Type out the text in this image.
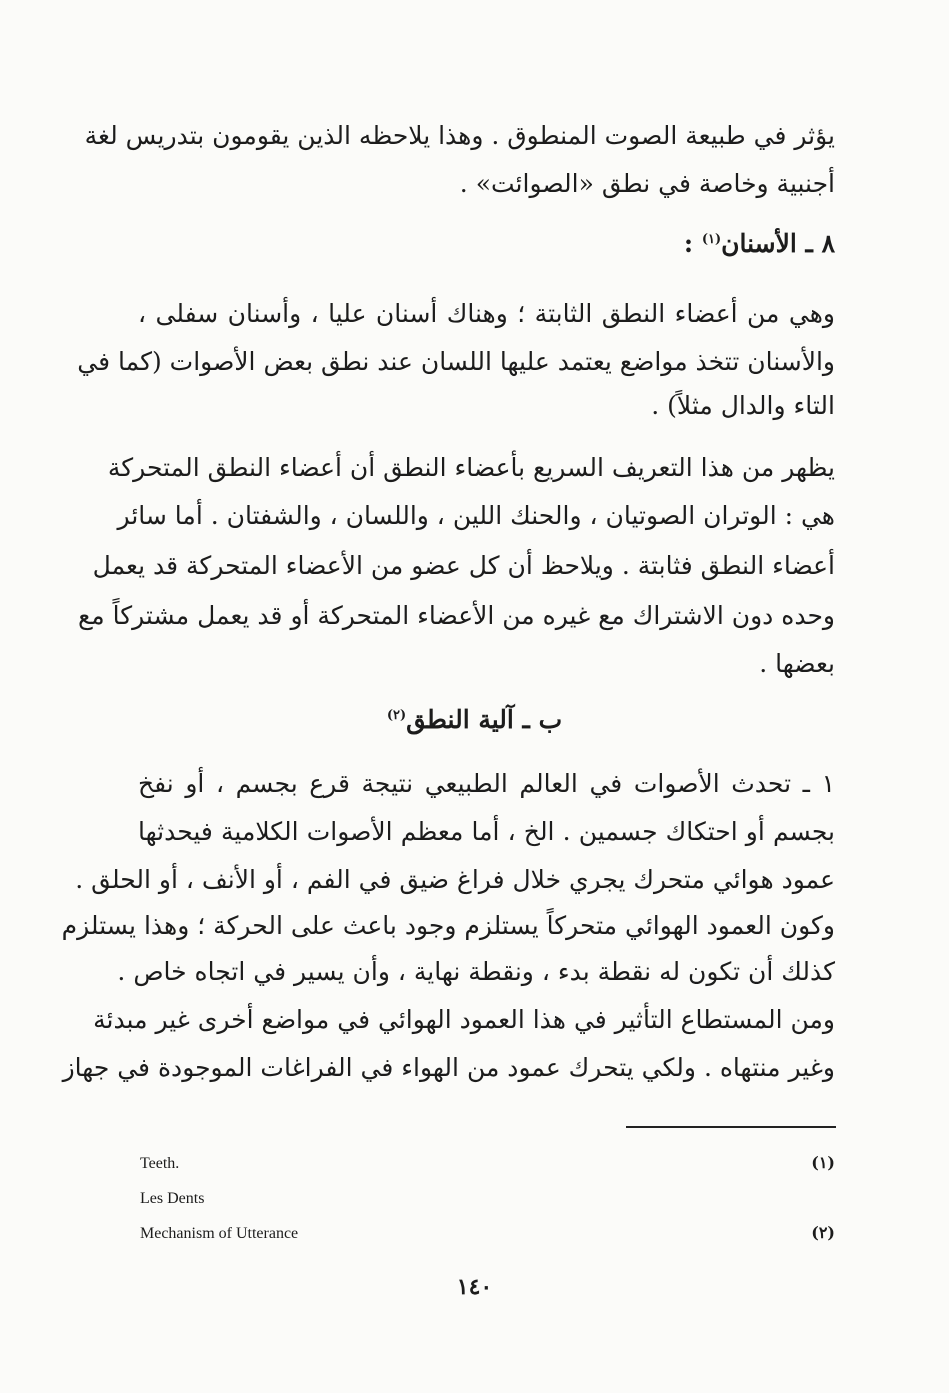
يؤثر في طبيعة الصوت المنطوق . وهذا يلاحظه الذين يقومون بتدريس لغة
أجنبية وخاصة في نطق «الصوائت» .
٨ ـ الأسنان$^{(١)}$ :
وهي من أعضاء النطق الثابتة ؛ وهناك أسنان عليا ، وأسنان سفلى ،
والأسنان تتخذ مواضع يعتمد عليها اللسان عند نطق بعض الأصوات (كما في
التاء والدال مثلاً) .
يظهر من هذا التعريف السريع بأعضاء النطق أن أعضاء النطق المتحركة
هي : الوتران الصوتيان ، والحنك اللين ، واللسان ، والشفتان . أما سائر
أعضاء النطق فثابتة . ويلاحظ أن كل عضو من الأعضاء المتحركة قد يعمل
وحده دون الاشتراك مع غيره من الأعضاء المتحركة أو قد يعمل مشتركاً مع
بعضها .
ب ـ آلية النطق$^{(٢)}$
١ ـ تحدث الأصوات في العالم الطبيعي نتيجة قرع بجسم ، أو نفخ
بجسم أو احتكاك جسمين . الخ ، أما معظم الأصوات الكلامية فيحدثها
عمود هوائي متحرك يجري خلال فراغ ضيق في الفم ، أو الأنف ، أو الحلق .
وكون العمود الهوائي متحركاً يستلزم وجود باعث على الحركة ؛ وهذا يستلزم
كذلك أن تكون له نقطة بدء ، ونقطة نهاية ، وأن يسير في اتجاه خاص .
ومن المستطاع التأثير في هذا العمود الهوائي في مواضع أخرى غير مبدئة
وغير منتهاه . ولكي يتحرك عمود من الهواء في الفراغات الموجودة في جهاز
Teeth.	(١)
Les Dents
Mechanism of Utterance	(٢)
١٤٠
